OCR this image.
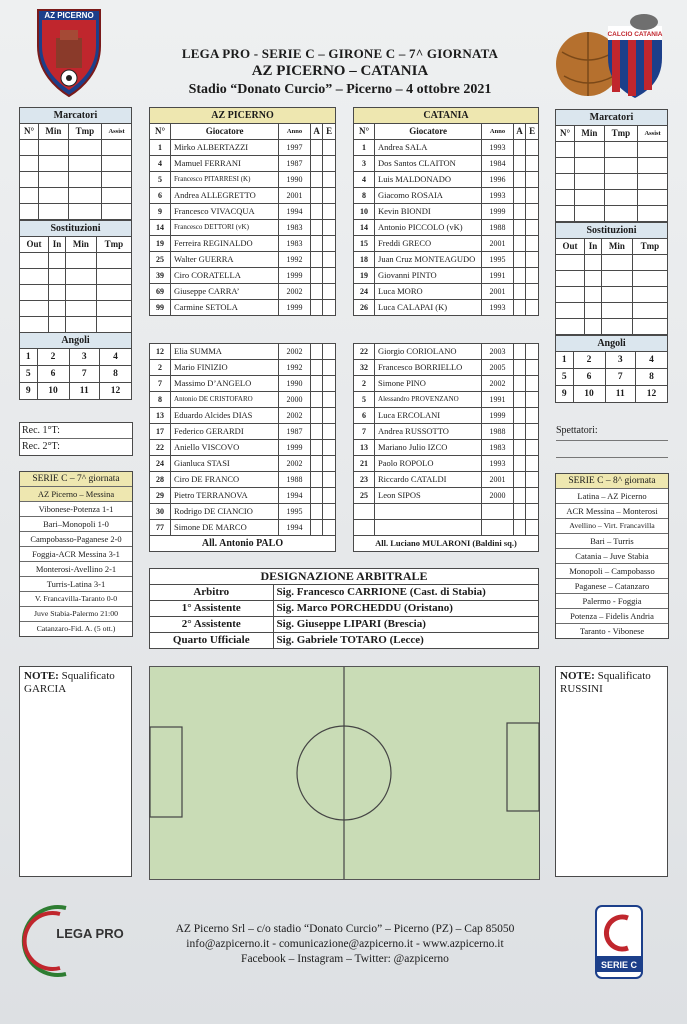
AZ PICERNO
CALCIO CATANIA
LEGA PRO - SERIE C – GIRONE C – 7^ GIORNATA
AZ PICERNO – CATANIA
Stadio “Donato Curcio” – Picerno – 4 ottobre 2021
Marcatori			
N°	Min	Tmp	Assist

Sostituzioni			
Out	In	Min	Tmp

Angoli			
1	2	3	4
5	6	7	8
9	10	11	12
Rec. 1°T:
Rec. 2°T:
SERIE C – 7^ giornata
AZ Picerno – Messina
Vibonese-Potenza 1-1
Bari–Monopoli 1-0
Campobasso-Paganese 2-0
Foggia-ACR Messina 3-1
Monterosi-Avellino 2-1
Turris-Latina 3-1
V. Francavilla-Taranto 0-0
Juve Stabia-Palermo 21:00
Catanzaro-Fid. A. (5 ott.)
Marcatori			
N°	Min	Tmp	Assist

Sostituzioni			
Out	In	Min	Tmp

Angoli			
1	2	3	4
5	6	7	8
9	10	11	12
Spettatori:
SERIE C – 8^ giornata
Latina – AZ Picerno
ACR Messina – Monterosi
Avellino – Virt. Francavilla
Bari – Turris
Catania – Juve Stabia
Monopoli – Campobasso
Paganese – Catanzaro
Palermo - Foggia
Potenza – Fidelis Andria
Taranto - Vibonese
AZ PICERNO				
N°	Giocatore	Anno	A	E
1	Mirko ALBERTAZZI	1997		
4	Mamuel FERRANI	1987		
5	Francesco PITARRESI (K)	1990		
6	Andrea ALLEGRETTO	2001		
9	Francesco VIVACQUA	1994		
14	Francesco DETTORI (vK)	1983		
19	Ferreira REGINALDO	1983		
25	Walter GUERRA	1992		
39	Ciro CORATELLA	1999		
69	Giuseppe CARRA’	2002		
99	Carmine SETOLA	1999		
12	Elia SUMMA	2002		
2	Mario FINIZIO	1992		
7	Massimo D’ANGELO	1990		
8	Antonio DE CRISTOFARO	2000		
13	Eduardo Alcides DIAS	2002		
17	Federico GERARDI	1987		
22	Aniello VISCOVO	1999		
24	Gianluca STASI	2002		
28	Ciro DE FRANCO	1988		
29	Pietro TERRANOVA	1994		
30	Rodrigo DE CIANCIO	1995		
77	Simone DE MARCO	1994		
All. Antonio PALO				
CATANIA				
N°	Giocatore	Anno	A	E
1	Andrea SALA	1993		
3	Dos Santos CLAITON	1984		
4	Luis MALDONADO	1996		
8	Giacomo ROSAIA	1993		
10	Kevin BIONDI	1999		
14	Antonio PICCOLO (vK)	1988		
15	Freddi GRECO	2001		
18	Juan Cruz MONTEAGUDO	1995		
19	Giovanni PINTO	1991		
24	Luca MORO	2001		
26	Luca CALAPAI (K)	1993		
22	Giorgio CORIOLANO	2003		
32	Francesco BORRIELLO	2005		
2	Simone PINO	2002		
5	Alessandro PROVENZANO	1991		
6	Luca ERCOLANI	1999		
7	Andrea RUSSOTTO	1988		
13	Mariano Julio IZCO	1983		
21	Paolo ROPOLO	1993		
23	Riccardo CATALDI	2001		
25	Leon SIPOS	2000		

All. Luciano MULARONI (Baldini sq.)				
DESIGNAZIONE ARBITRALE	
Arbitro	Sig. Francesco CARRIONE (Cast. di Stabia)
1° Assistente	Sig. Marco PORCHEDDU (Oristano)
2° Assistente	Sig. Giuseppe LIPARI (Brescia)
Quarto Ufficiale	Sig. Gabriele TOTARO (Lecce)
NOTE: Squalificato
GARCIA
NOTE: Squalificato
RUSSINI
LEGA PRO	AZ Picerno Srl – c/o stadio “Donato Curcio” – Picerno (PZ) – Cap 85050
info@azpicerno.it - comunicazione@azpicerno.it - www.azpicerno.it
Facebook – Instagram – Twitter: @azpicerno	SERIE C
